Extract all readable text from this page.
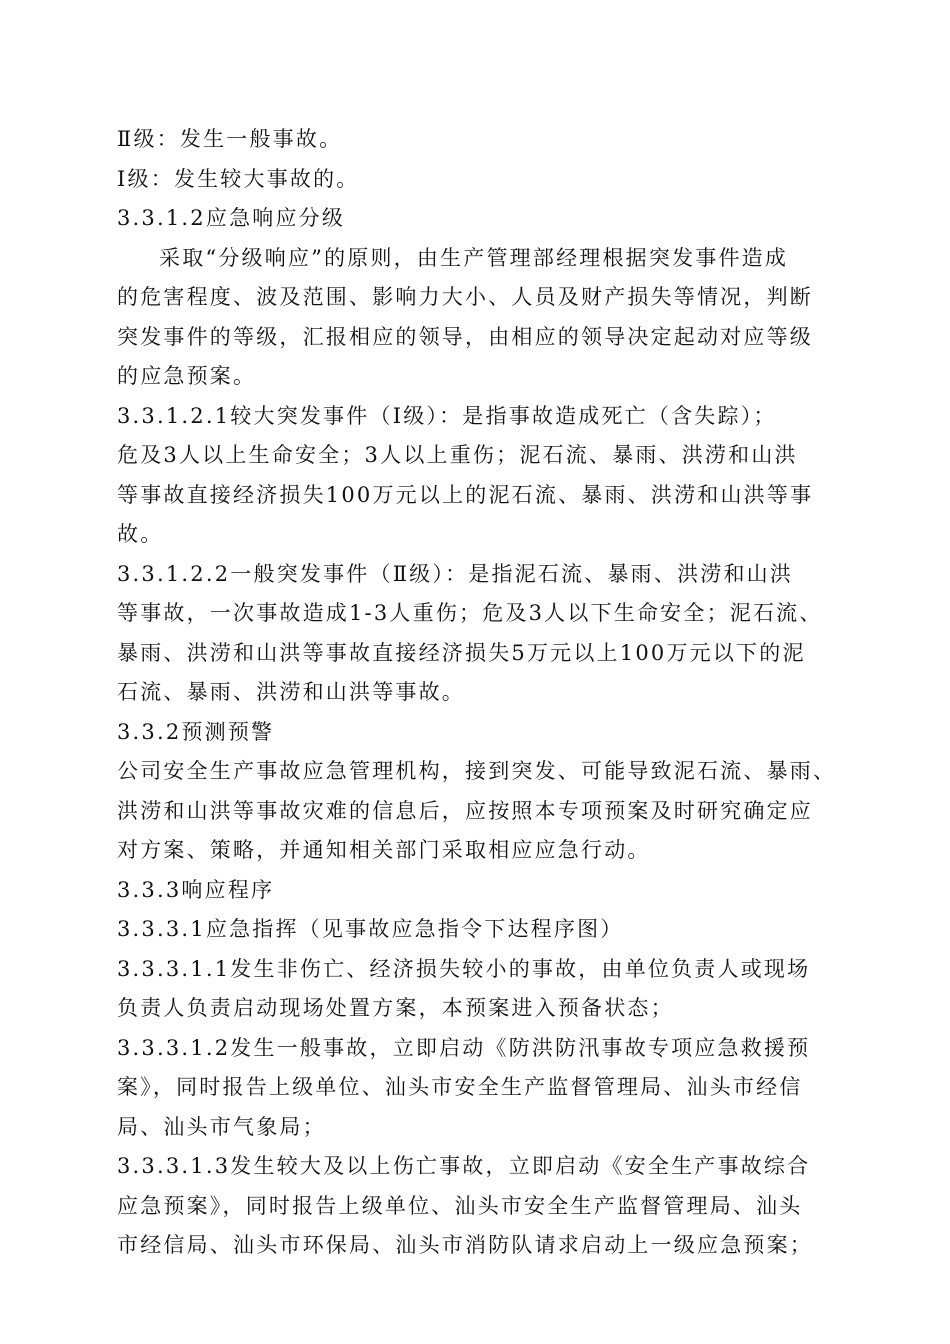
Ⅱ级：发生一般事故。
Ⅰ级：发生较大事故的。
3.3.1.2应急响应分级
采取“分级响应”的原则，由生产管理部经理根据突发事件造成
的危害程度、波及范围、影响力大小、人员及财产损失等情况，判断
突发事件的等级，汇报相应的领导，由相应的领导决定起动对应等级
的应急预案。
3.3.1.2.1较大突发事件（Ⅰ级）：是指事故造成死亡（含失踪）；
危及3人以上生命安全；3人以上重伤；泥石流、暴雨、洪涝和山洪
等事故直接经济损失100万元以上的泥石流、暴雨、洪涝和山洪等事
故。
3.3.1.2.2一般突发事件（Ⅱ级）：是指泥石流、暴雨、洪涝和山洪
等事故，一次事故造成1-3人重伤；危及3人以下生命安全；泥石流、
暴雨、洪涝和山洪等事故直接经济损失5万元以上100万元以下的泥
石流、暴雨、洪涝和山洪等事故。
3.3.2预测预警
公司安全生产事故应急管理机构，接到突发、可能导致泥石流、暴雨、
洪涝和山洪等事故灾难的信息后，应按照本专项预案及时研究确定应
对方案、策略，并通知相关部门采取相应应急行动。
3.3.3响应程序
3.3.3.1应急指挥（见事故应急指令下达程序图）
3.3.3.1.1发生非伤亡、经济损失较小的事故，由单位负责人或现场
负责人负责启动现场处置方案，本预案进入预备状态；
3.3.3.1.2发生一般事故，立即启动《防洪防汛事故专项应急救援预
案》，同时报告上级单位、汕头市安全生产监督管理局、汕头市经信
局、汕头市气象局；
3.3.3.1.3发生较大及以上伤亡事故，立即启动《安全生产事故综合
应急预案》，同时报告上级单位、汕头市安全生产监督管理局、汕头
市经信局、汕头市环保局、汕头市消防队请求启动上一级应急预案；
